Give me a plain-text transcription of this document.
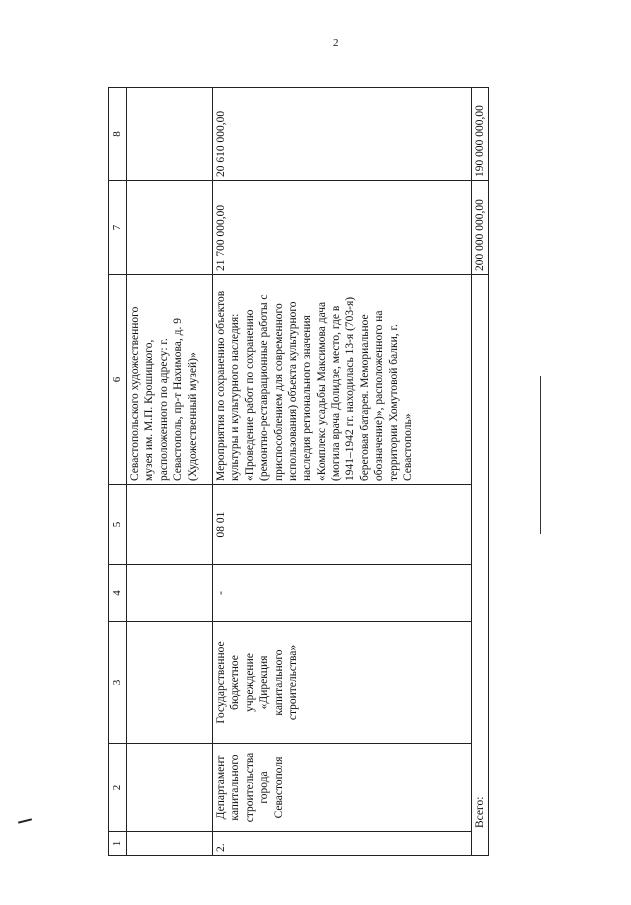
2
1	2	3	4	5	6	7	8
					Севастопольского художественного музея им. М.П. Крошицкого, расположенного по адресу: г. Севастополь, пр-т Нахимова, д. 9 (Художественный музей)»		
2.	Департамент капитального строительства города Севастополя	Государственное бюджетное учреждение «Дирекция капитального строительства»	-	08 01	Мероприятия по сохранению объектов культуры и культурного наследия: «Проведение работ по сохранению (ремонтно-реставрационные работы с приспособлением для современного использования) объекта культурного наследия регионального значения «Комплекс усадьбы Максимова дача (могила врача Долидзе, место, где в 1941–1942 гг. находилась 13-я (703-я) береговая батарея. Мемориальное обозначение)», расположенного на территории Хомутовой балки, г. Севастополь»	21 700 000,00	20 610 000,00
Всего:						200 000 000,00	190 000 000,00
